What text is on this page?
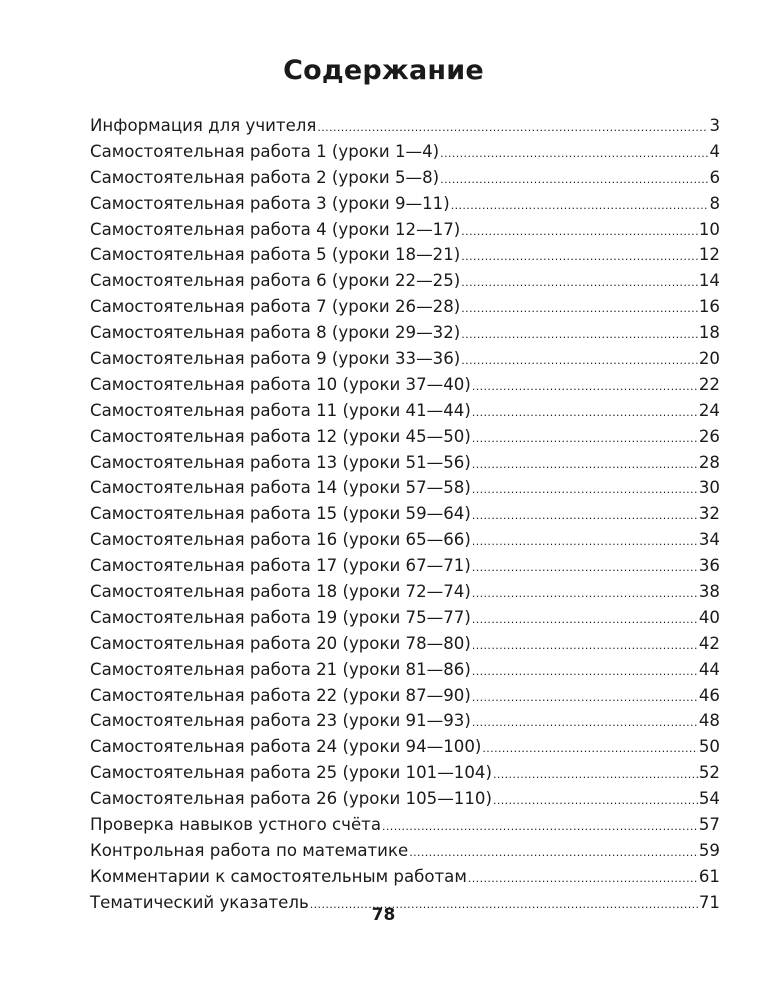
Содержание
Информация для учителя .....	3
Самостоятельная работа 1 (уроки 1—4) .....	4
Самостоятельная работа 2 (уроки 5—8) .....	6
Самостоятельная работа 3 (уроки 9—11) .....	8
Самостоятельная работа 4 (уроки 12—17) .....	10
Самостоятельная работа 5 (уроки 18—21) .....	12
Самостоятельная работа 6 (уроки 22—25) .....	14
Самостоятельная работа 7 (уроки 26—28) .....	16
Самостоятельная работа 8 (уроки 29—32) .....	18
Самостоятельная работа 9 (уроки 33—36) .....	20
Самостоятельная работа 10 (уроки 37—40) .....	22
Самостоятельная работа 11 (уроки 41—44) .....	24
Самостоятельная работа 12 (уроки 45—50) .....	26
Самостоятельная работа 13 (уроки 51—56) .....	28
Самостоятельная работа 14 (уроки 57—58) .....	30
Самостоятельная работа 15 (уроки 59—64) .....	32
Самостоятельная работа 16 (уроки 65—66) .....	34
Самостоятельная работа 17 (уроки 67—71) .....	36
Самостоятельная работа 18 (уроки 72—74) .....	38
Самостоятельная работа 19 (уроки 75—77) .....	40
Самостоятельная работа 20 (уроки 78—80) .....	42
Самостоятельная работа 21 (уроки 81—86) .....	44
Самостоятельная работа 22 (уроки 87—90) .....	46
Самостоятельная работа 23 (уроки 91—93) .....	48
Самостоятельная работа 24 (уроки 94—100) .....	50
Самостоятельная работа 25 (уроки 101—104) .....	52
Самостоятельная работа 26 (уроки 105—110) .....	54
Проверка навыков устного счёта .....	57
Контрольная работа по математике .....	59
Комментарии к самостоятельным работам .....	61
Тематический указатель .....	71
78
